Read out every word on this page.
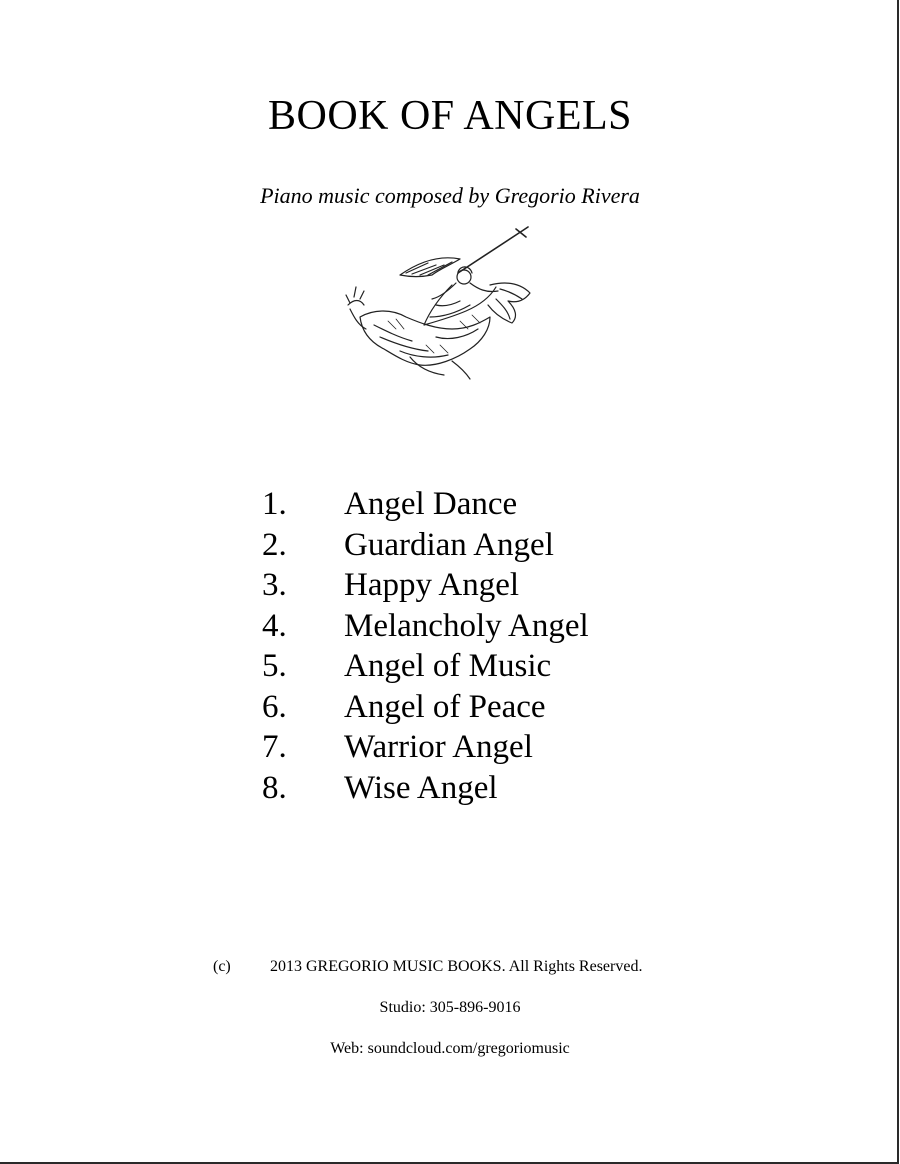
BOOK OF ANGELS
Piano music composed by Gregorio Rivera
1. Angel Dance
2. Guardian Angel
3. Happy Angel
4. Melancholy Angel
5. Angel of Music
6. Angel of Peace
7. Warrior Angel
8. Wise Angel
(c) 2013 GREGORIO MUSIC BOOKS. All Rights Reserved.
Studio: 305-896-9016
Web: soundcloud.com/gregoriomusic
